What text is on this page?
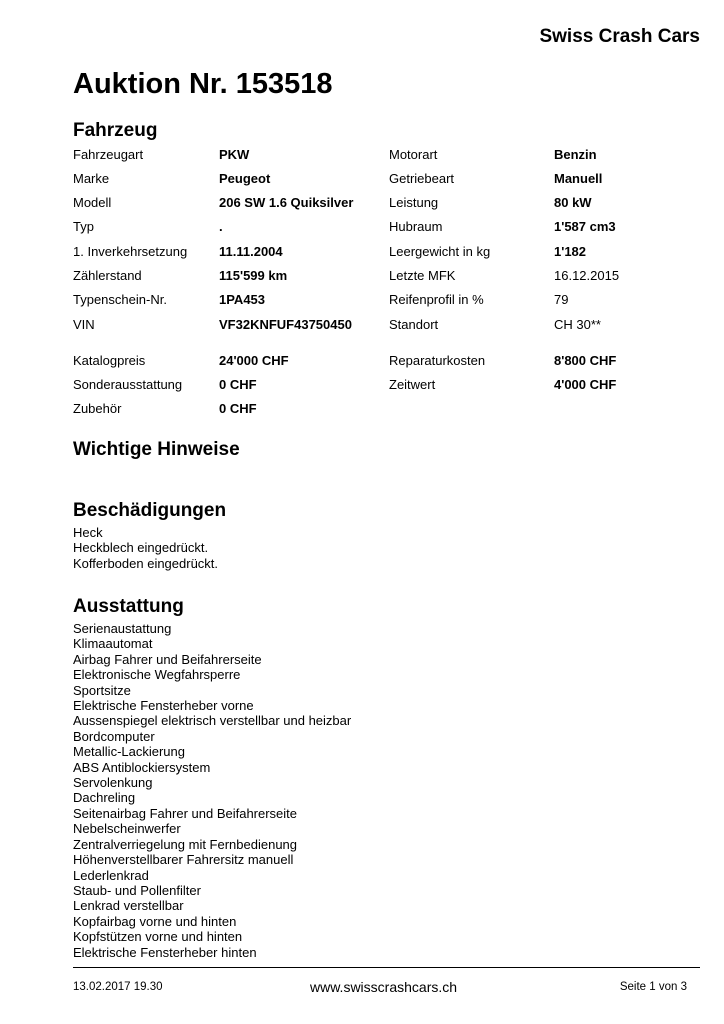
Swiss Crash Cars
Auktion Nr. 153518
Fahrzeug
Fahrzeugart	PKW	Motorart	Benzin
Marke	Peugeot	Getriebeart	Manuell
Modell	206 SW 1.6 Quiksilver	Leistung	80 kW
Typ	.	Hubraum	1'587 cm3
1. Inverkehrsetzung 11.11.2004	Leergewicht in kg	1'182
Zählerstand	115'599 km	Letzte MFK	16.12.2015
Typenschein-Nr.	1PA453	Reifenprofil in %	79
VIN	VF32KNFUF43750450	Standort	CH 30**
Katalogpreis	24'000 CHF	Reparaturkosten	8'800 CHF
Sonderausstattung	0 CHF	Zeitwert	4'000 CHF
Zubehör	0 CHF
Wichtige Hinweise
Beschädigungen
Heck
Heckblech eingedrückt.
Kofferboden eingedrückt.
Ausstattung
Serienaustattung
Klimaautomat
Airbag Fahrer und Beifahrerseite
Elektronische Wegfahrsperre
Sportsitze
Elektrische Fensterheber vorne
Aussenspiegel elektrisch verstellbar und heizbar
Bordcomputer
Metallic-Lackierung
ABS Antiblockiersystem
Servolenkung
Dachreling
Seitenairbag Fahrer und Beifahrerseite
Nebelscheinwerfer
Zentralverriegelung mit Fernbedienung
Höhenverstellbarer Fahrersitz manuell
Lederlenkrad
Staub- und Pollenfilter
Lenkrad verstellbar
Kopfairbag vorne und hinten
Kopfstützen vorne und hinten
Elektrische Fensterheber hinten
13.02.2017 19.30	www.swisscrashcars.ch	Seite 1 von 3
